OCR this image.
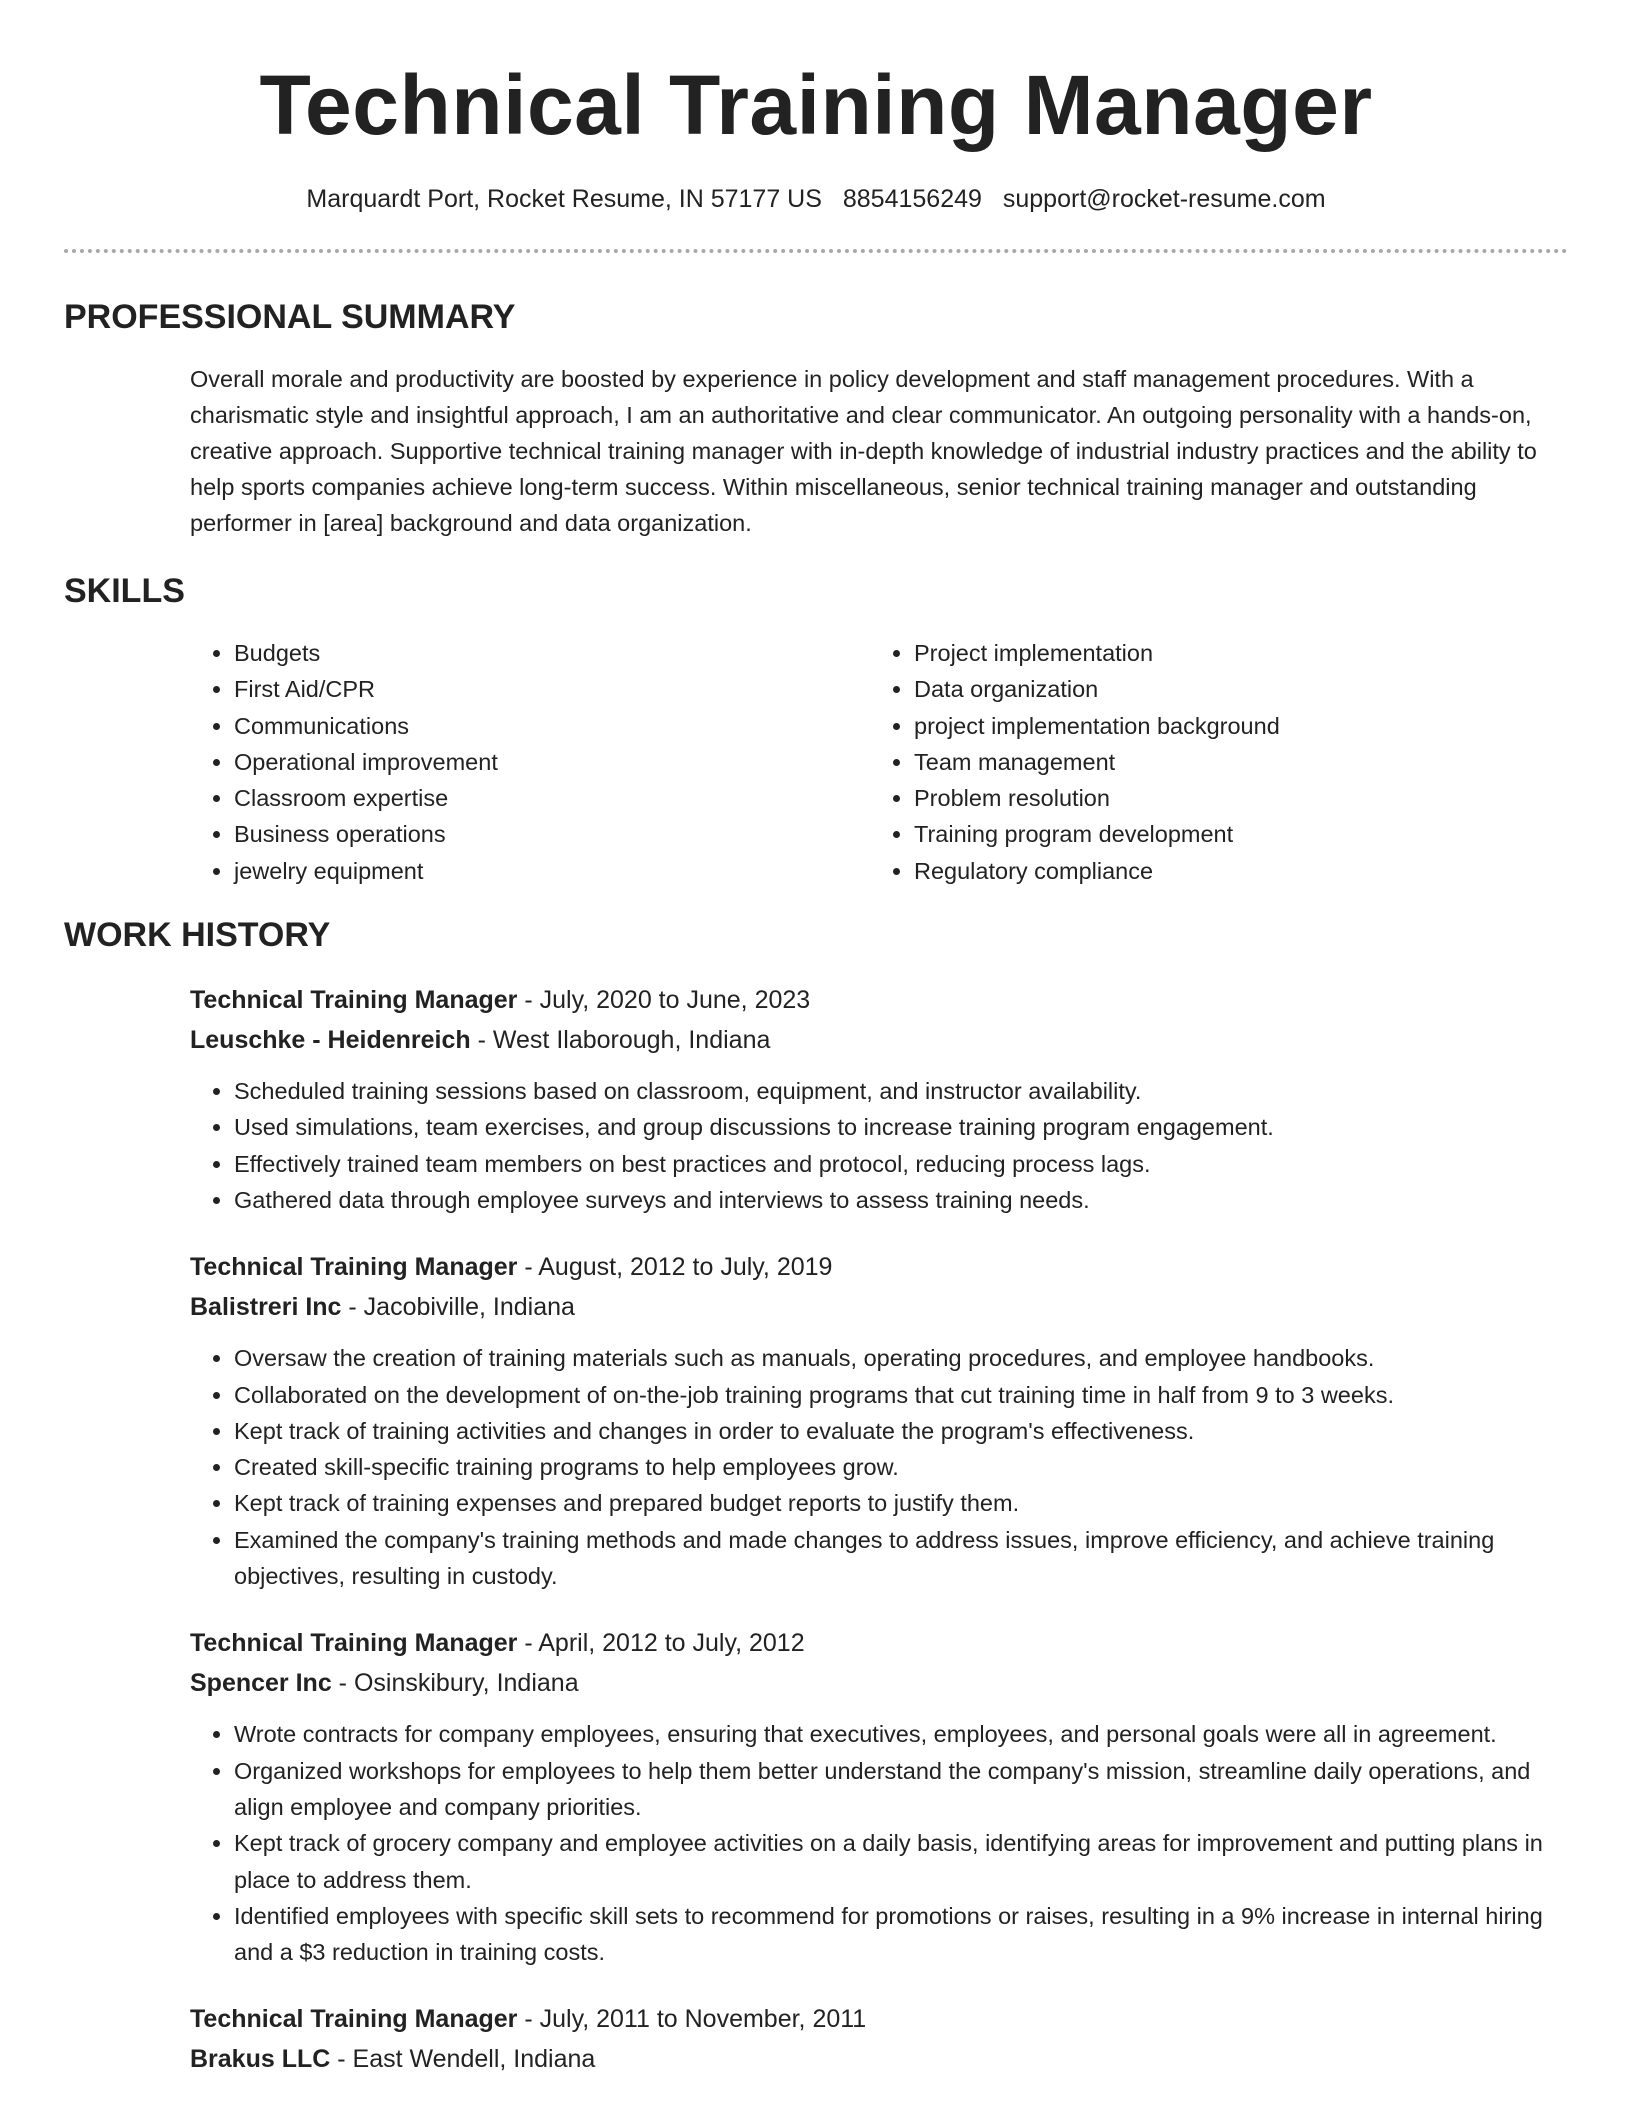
Technical Training Manager
Marquardt Port, Rocket Resume, IN 57177 US 8854156249 support@rocket-resume.com
PROFESSIONAL SUMMARY
Overall morale and productivity are boosted by experience in policy development and staff management procedures. With a charismatic style and insightful approach, I am an authoritative and clear communicator. An outgoing personality with a hands-on, creative approach. Supportive technical training manager with in-depth knowledge of industrial industry practices and the ability to help sports companies achieve long-term success. Within miscellaneous, senior technical training manager and outstanding performer in [area] background and data organization.
SKILLS
• Budgets
• First Aid/CPR
• Communications
• Operational improvement
• Classroom expertise
• Business operations
• jewelry equipment
• Project implementation
• Data organization
• project implementation background
• Team management
• Problem resolution
• Training program development
• Regulatory compliance
WORK HISTORY
Technical Training Manager - July, 2020 to June, 2023
Leuschke - Heidenreich - West Ilaborough, Indiana
• Scheduled training sessions based on classroom, equipment, and instructor availability.
• Used simulations, team exercises, and group discussions to increase training program engagement.
• Effectively trained team members on best practices and protocol, reducing process lags.
• Gathered data through employee surveys and interviews to assess training needs.
Technical Training Manager - August, 2012 to July, 2019
Balistreri Inc - Jacobiville, Indiana
• Oversaw the creation of training materials such as manuals, operating procedures, and employee handbooks.
• Collaborated on the development of on-the-job training programs that cut training time in half from 9 to 3 weeks.
• Kept track of training activities and changes in order to evaluate the program's effectiveness.
• Created skill-specific training programs to help employees grow.
• Kept track of training expenses and prepared budget reports to justify them.
• Examined the company's training methods and made changes to address issues, improve efficiency, and achieve training objectives, resulting in custody.
Technical Training Manager - April, 2012 to July, 2012
Spencer Inc - Osinskibury, Indiana
• Wrote contracts for company employees, ensuring that executives, employees, and personal goals were all in agreement.
• Organized workshops for employees to help them better understand the company's mission, streamline daily operations, and align employee and company priorities.
• Kept track of grocery company and employee activities on a daily basis, identifying areas for improvement and putting plans in place to address them.
• Identified employees with specific skill sets to recommend for promotions or raises, resulting in a 9% increase in internal hiring and a $3 reduction in training costs.
Technical Training Manager - July, 2011 to November, 2011
Brakus LLC - East Wendell, Indiana
